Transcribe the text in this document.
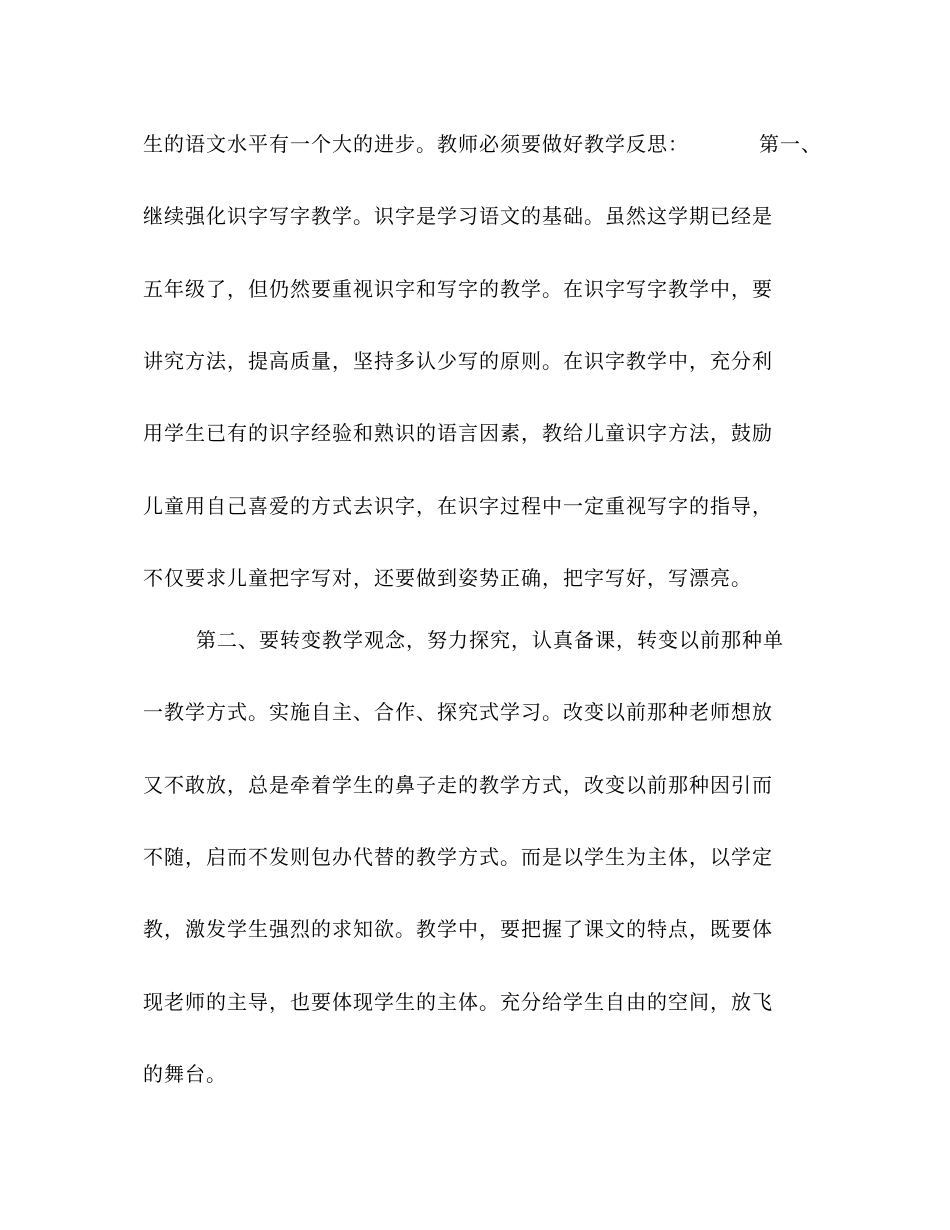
生的语文水平有一个大的进步。教师必须要做好教学反思：	第一、
继续强化识字写字教学。识字是学习语文的基础。虽然这学期已经是
五年级了，但仍然要重视识字和写字的教学。在识字写字教学中，要
讲究方法，提高质量，坚持多认少写的原则。在识字教学中，充分利
用学生已有的识字经验和熟识的语言因素，教给儿童识字方法，鼓励
儿童用自己喜爱的方式去识字，在识字过程中一定重视写字的指导，
不仅要求儿童把字写对，还要做到姿势正确，把字写好，写漂亮。
第二、要转变教学观念，努力探究，认真备课，转变以前那种单
一教学方式。实施自主、合作、探究式学习。改变以前那种老师想放
又不敢放，总是牵着学生的鼻子走的教学方式，改变以前那种因引而
不随，启而不发则包办代替的教学方式。而是以学生为主体，以学定
教，激发学生强烈的求知欲。教学中，要把握了课文的特点，既要体
现老师的主导，也要体现学生的主体。充分给学生自由的空间，放飞
的舞台。
